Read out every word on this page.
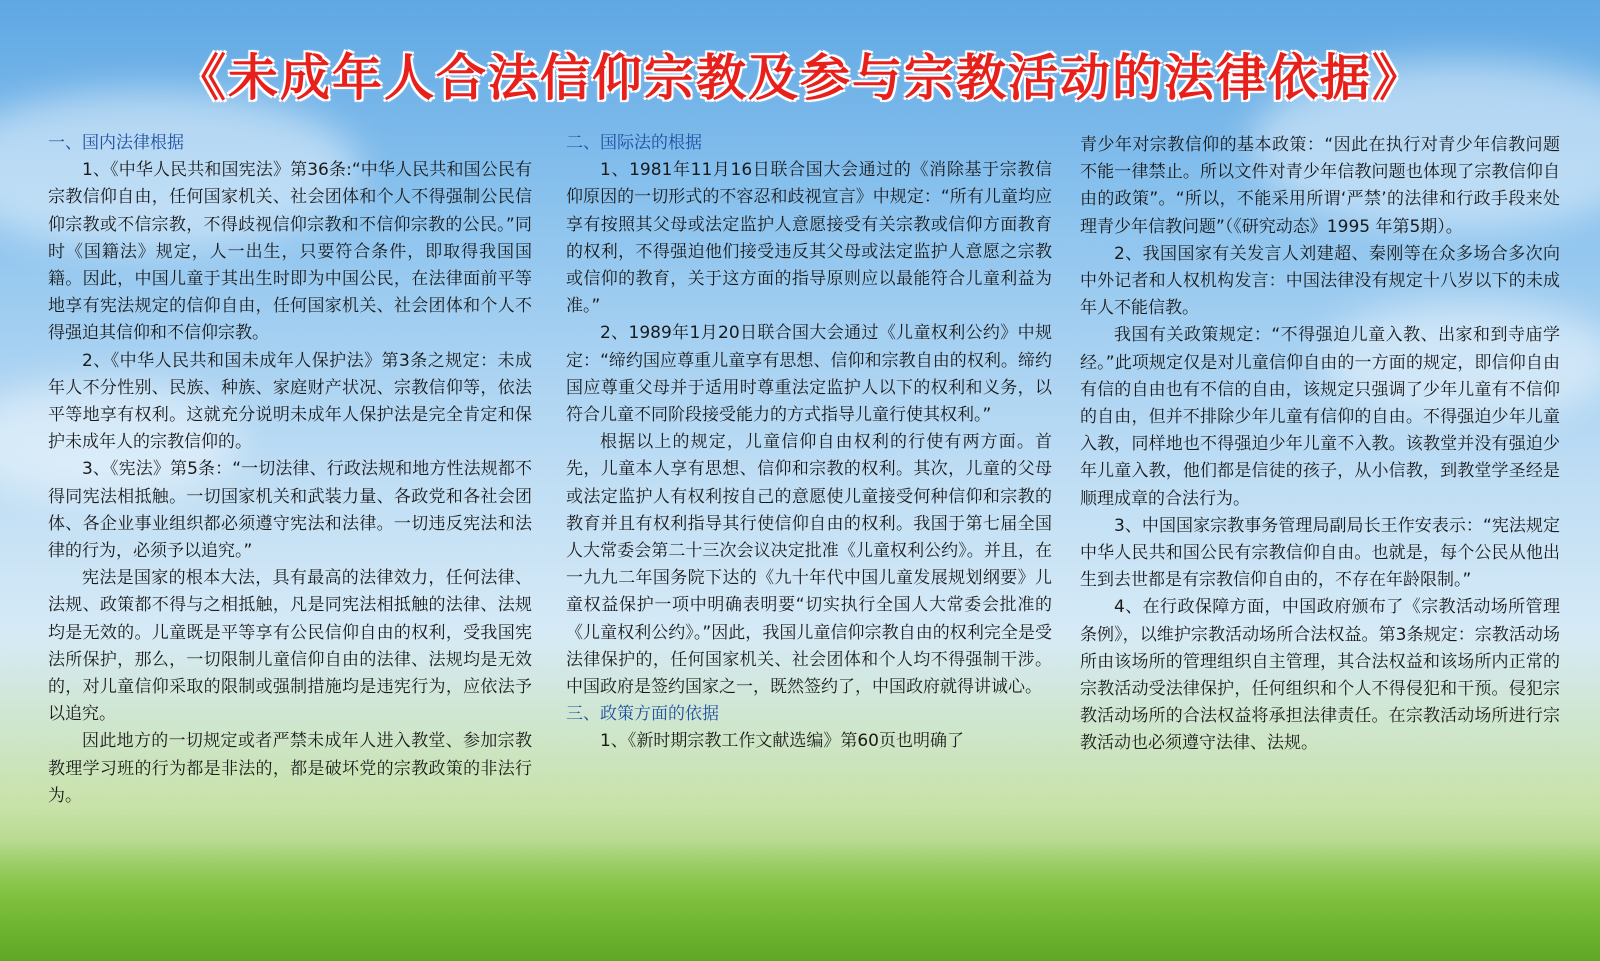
《未成年人合法信仰宗教及参与宗教活动的法律依据》

一、国内法律根据

1、《中华人民共和国宪法》第36条:“中华人民共和国公民有宗教信仰自由，任何国家机关、社会团体和个人不得强制公民信仰宗教或不信宗教，不得歧视信仰宗教和不信仰宗教的公民。”同时《国籍法》规定，人一出生，只要符合条件，即取得我国国籍。因此，中国儿童于其出生时即为中国公民，在法律面前平等地享有宪法规定的信仰自由，任何国家机关、社会团体和个人不得强迫其信仰和不信仰宗教。

2、《中华人民共和国未成年人保护法》第3条之规定：未成年人不分性别、民族、种族、家庭财产状况、宗教信仰等，依法平等地享有权利。这就充分说明未成年人保护法是完全肯定和保护未成年人的宗教信仰的。

3、《宪法》第5条：“一切法律、行政法规和地方性法规都不得同宪法相抵触。一切国家机关和武装力量、各政党和各社会团体、各企业事业组织都必须遵守宪法和法律。一切违反宪法和法律的行为，必须予以追究。”

宪法是国家的根本大法，具有最高的法律效力，任何法律、法规、政策都不得与之相抵触，凡是同宪法相抵触的法律、法规均是无效的。儿童既是平等享有公民信仰自由的权利，受我国宪法所保护，那么，一切限制儿童信仰自由的法律、法规均是无效的，对儿童信仰采取的限制或强制措施均是违宪行为，应依法予以追究。

因此地方的一切规定或者严禁未成年人进入教堂、参加宗教教理学习班的行为都是非法的，都是破坏党的宗教政策的非法行为。

二、国际法的根据

1、1981年11月16日联合国大会通过的《消除基于宗教信仰原因的一切形式的不容忍和歧视宣言》中规定：“所有儿童均应享有按照其父母或法定监护人意愿接受有关宗教或信仰方面教育的权利，不得强迫他们接受违反其父母或法定监护人意愿之宗教或信仰的教育，关于这方面的指导原则应以最能符合儿童利益为准。”

2、1989年1月20日联合国大会通过《儿童权利公约》中规定：“缔约国应尊重儿童享有思想、信仰和宗教自由的权利。缔约国应尊重父母并于适用时尊重法定监护人以下的权利和义务，以符合儿童不同阶段接受能力的方式指导儿童行使其权利。”

根据以上的规定，儿童信仰自由权利的行使有两方面。首先，儿童本人享有思想、信仰和宗教的权利。其次，儿童的父母或法定监护人有权利按自己的意愿使儿童接受何种信仰和宗教的教育并且有权利指导其行使信仰自由的权利。我国于第七届全国人大常委会第二十三次会议决定批准《儿童权利公约》。并且，在一九九二年国务院下达的《九十年代中国儿童发展规划纲要》儿童权益保护一项中明确表明要“切实执行全国人大常委会批准的《儿童权利公约》。”因此，我国儿童信仰宗教自由的权利完全是受法律保护的，任何国家机关、社会团体和个人均不得强制干涉。中国政府是签约国家之一，既然签约了，中国政府就得讲诚心。

三、政策方面的依据

1、《新时期宗教工作文献选编》第60页也明确了

青少年对宗教信仰的基本政策：“因此在执行对青少年信教问题不能一律禁止。所以文件对青少年信教问题也体现了宗教信仰自由的政策”。“所以，不能采用所谓‘严禁’的法律和行政手段来处理青少年信教问题”（《研究动态》1995 年第5期）。

2、我国国家有关发言人刘建超、秦刚等在众多场合多次向中外记者和人权机构发言：中国法律没有规定十八岁以下的未成年人不能信教。

我国有关政策规定：“不得强迫儿童入教、出家和到寺庙学经。”此项规定仅是对儿童信仰自由的一方面的规定，即信仰自由有信的自由也有不信的自由，该规定只强调了少年儿童有不信仰的自由，但并不排除少年儿童有信仰的自由。不得强迫少年儿童入教，同样地也不得强迫少年儿童不入教。该教堂并没有强迫少年儿童入教，他们都是信徒的孩子，从小信教，到教堂学圣经是顺理成章的合法行为。

3、中国国家宗教事务管理局副局长王作安表示：“宪法规定中华人民共和国公民有宗教信仰自由。也就是，每个公民从他出生到去世都是有宗教信仰自由的，不存在年龄限制。”

4、在行政保障方面，中国政府颁布了《宗教活动场所管理条例》，以维护宗教活动场所合法权益。第3条规定：宗教活动场所由该场所的管理组织自主管理，其合法权益和该场所内正常的宗教活动受法律保护，任何组织和个人不得侵犯和干预。侵犯宗教活动场所的合法权益将承担法律责任。在宗教活动场所进行宗教活动也必须遵守法律、法规。
